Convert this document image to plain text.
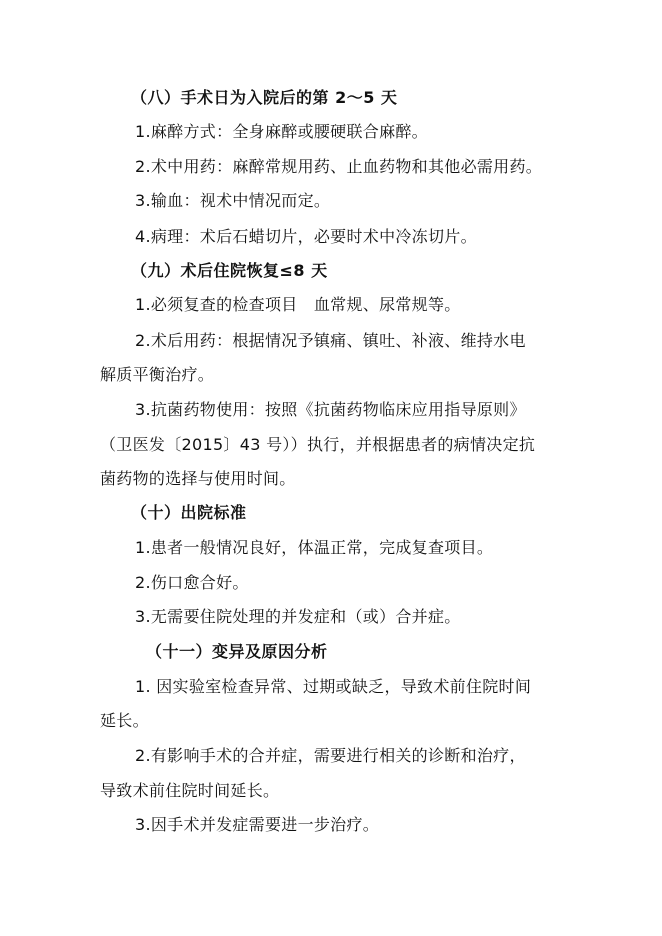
（八）手术日为入院后的第 2～5 天
1.麻醉方式：全身麻醉或腰硬联合麻醉。
2.术中用药：麻醉常规用药、止血药物和其他必需用药。
3.输血：视术中情况而定。
4.病理：术后石蜡切片，必要时术中冷冻切片。
（九）术后住院恢复≤8 天
1.必须复查的检查项目　血常规、尿常规等。
2.术后用药：根据情况予镇痛、镇吐、补液、维持水电
解质平衡治疗。
3.抗菌药物使用：按照《抗菌药物临床应用指导原则》
（卫医发〔2015〕43 号））执行，并根据患者的病情决定抗
菌药物的选择与使用时间。
（十）出院标准
1.患者一般情况良好，体温正常，完成复查项目。
2.伤口愈合好。
3.无需要住院处理的并发症和（或）合并症。
（十一）变异及原因分析
1. 因实验室检查异常、过期或缺乏，导致术前住院时间
延长。
2.有影响手术的合并症，需要进行相关的诊断和治疗，
导致术前住院时间延长。
3.因手术并发症需要进一步治疗。
